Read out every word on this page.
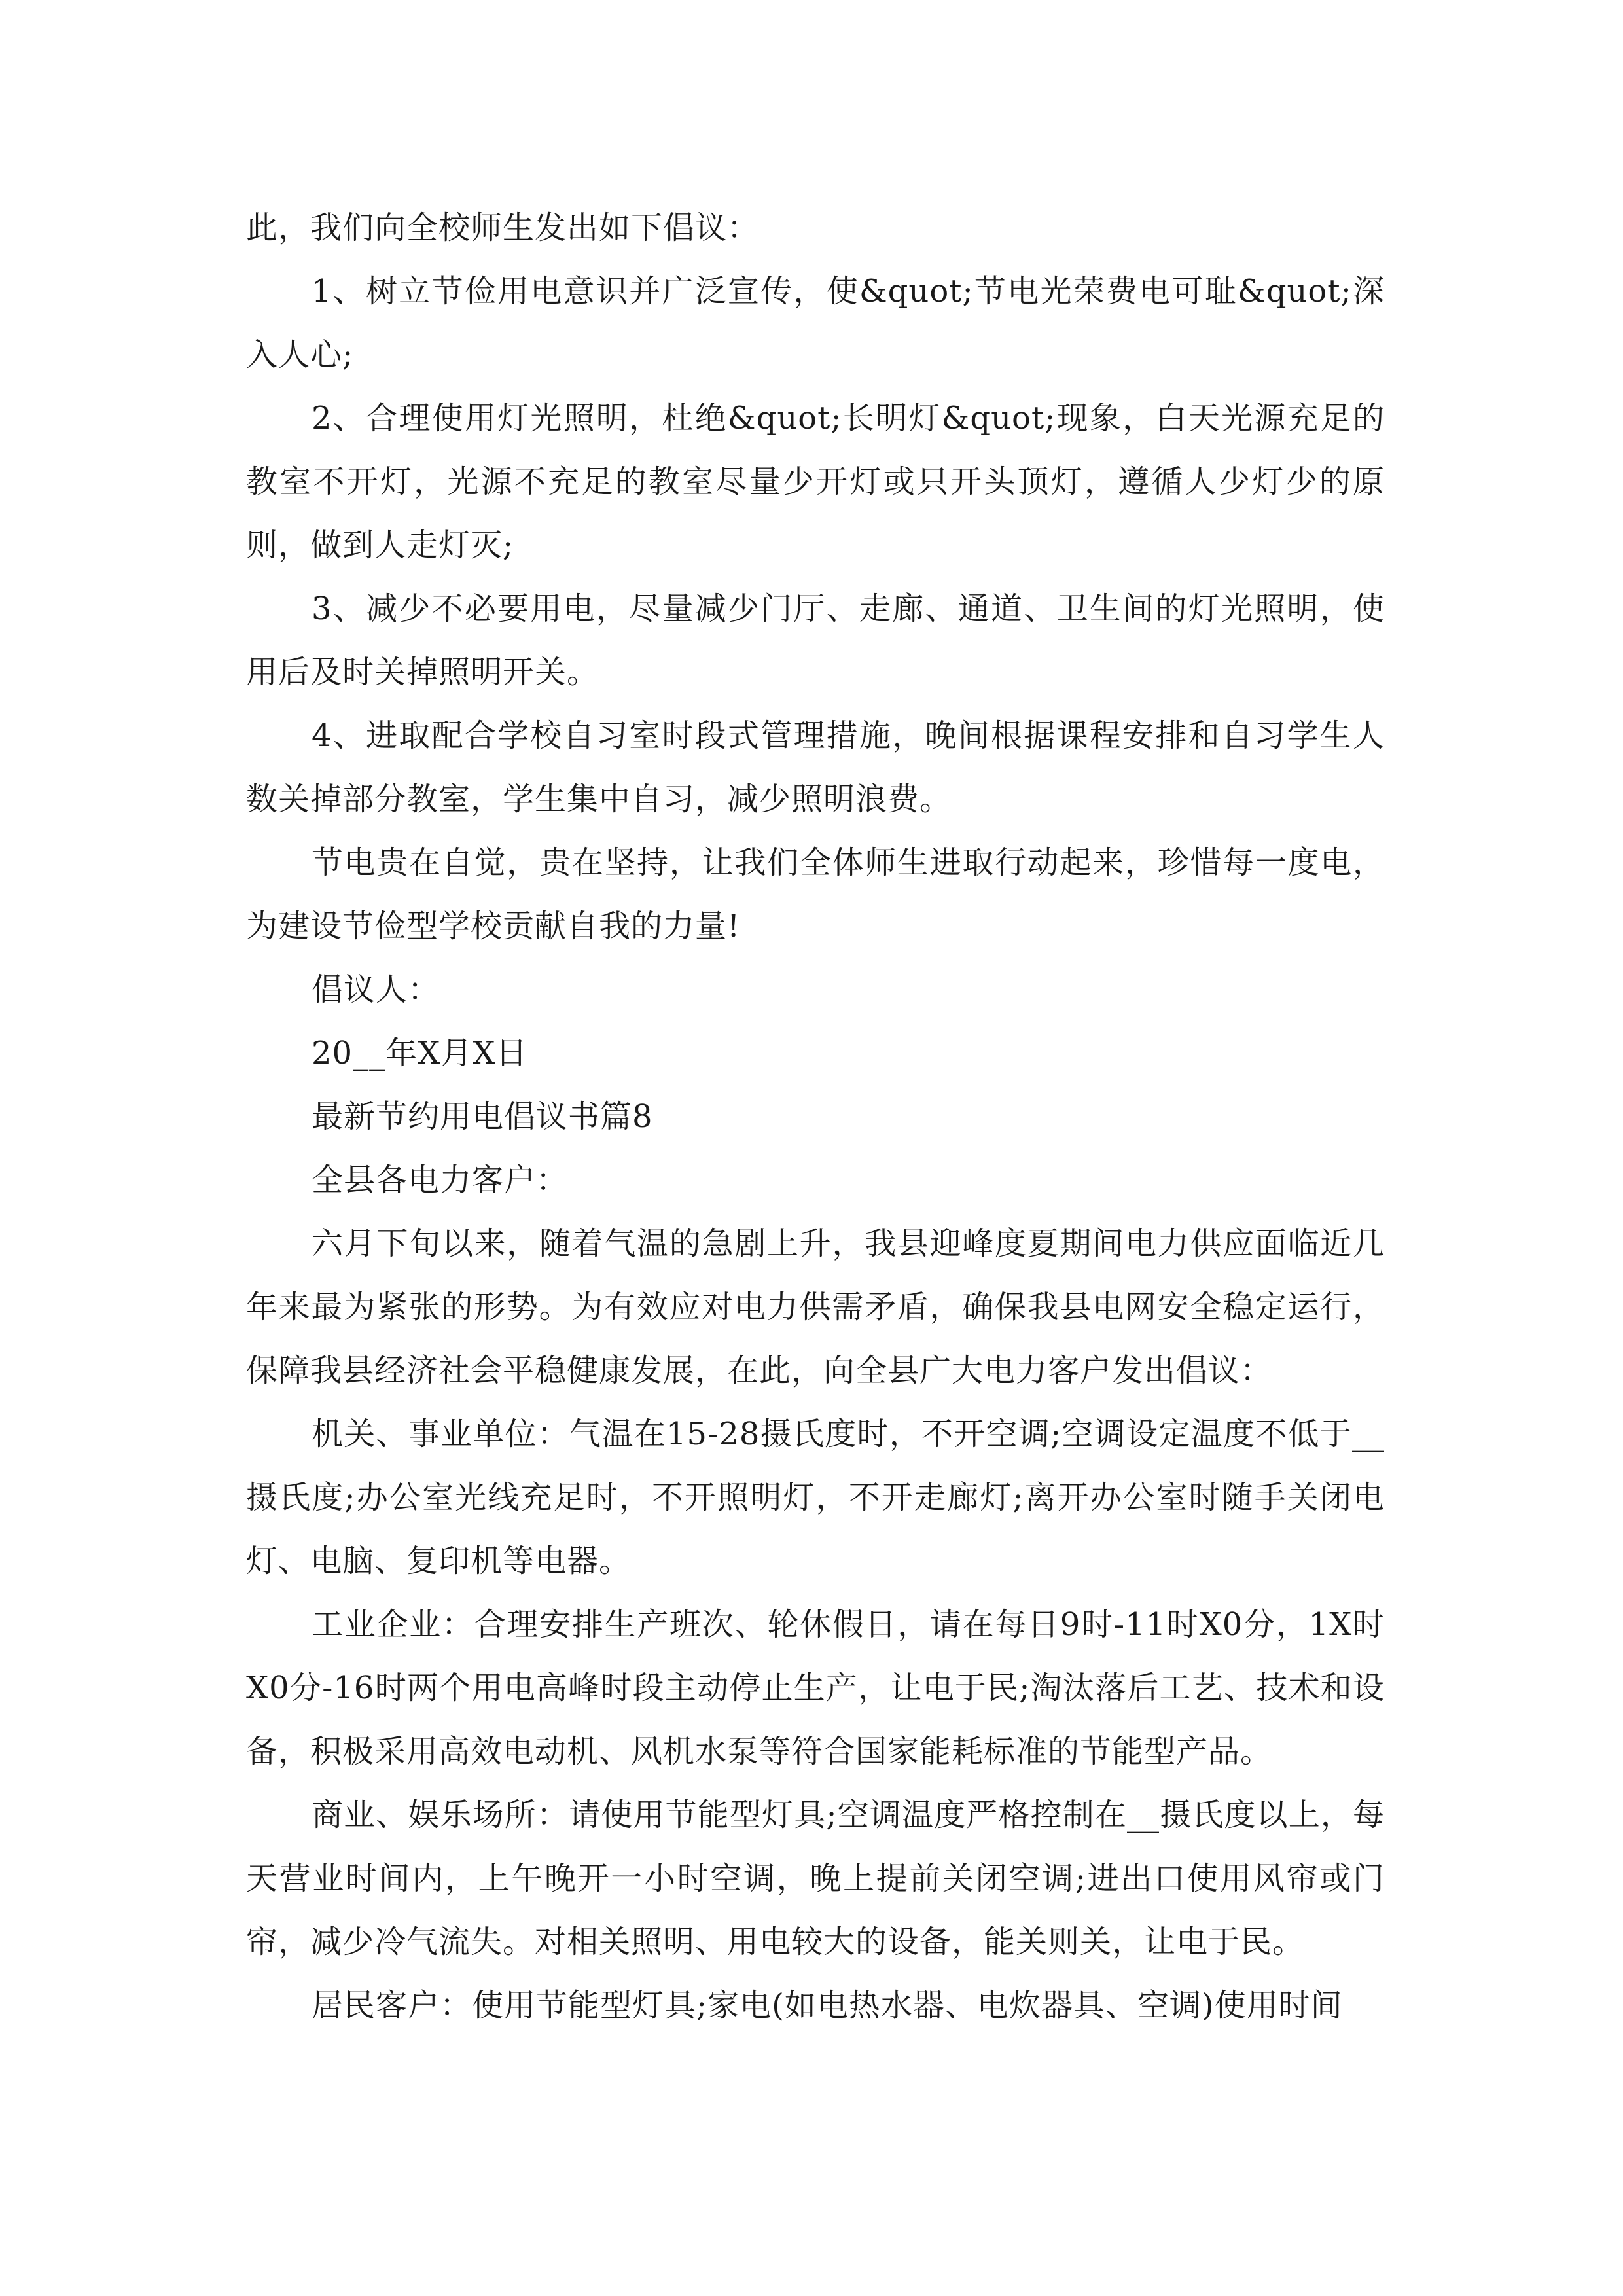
此，我们向全校师生发出如下倡议：

1、树立节俭用电意识并广泛宣传，使&quot;节电光荣费电可耻&quot;深入人心;

2、合理使用灯光照明，杜绝&quot;长明灯&quot;现象，白天光源充足的教室不开灯，光源不充足的教室尽量少开灯或只开头顶灯，遵循人少灯少的原则，做到人走灯灭;

3、减少不必要用电，尽量减少门厅、走廊、通道、卫生间的灯光照明，使用后及时关掉照明开关。

4、进取配合学校自习室时段式管理措施，晚间根据课程安排和自习学生人数关掉部分教室，学生集中自习，减少照明浪费。

节电贵在自觉，贵在坚持，让我们全体师生进取行动起来，珍惜每一度电，为建设节俭型学校贡献自我的力量!

倡议人：

20__年X月X日

最新节约用电倡议书篇8

全县各电力客户：

六月下旬以来，随着气温的急剧上升，我县迎峰度夏期间电力供应面临近几年来最为紧张的形势。为有效应对电力供需矛盾，确保我县电网安全稳定运行，保障我县经济社会平稳健康发展，在此，向全县广大电力客户发出倡议：

机关、事业单位：气温在15-28摄氏度时，不开空调;空调设定温度不低于__摄氏度;办公室光线充足时，不开照明灯，不开走廊灯;离开办公室时随手关闭电灯、电脑、复印机等电器。

工业企业：合理安排生产班次、轮休假日，请在每日9时-11时X0分，1X时X0分-16时两个用电高峰时段主动停止生产，让电于民;淘汰落后工艺、技术和设备，积极采用高效电动机、风机水泵等符合国家能耗标准的节能型产品。

商业、娱乐场所：请使用节能型灯具;空调温度严格控制在__摄氏度以上，每天营业时间内，上午晚开一小时空调，晚上提前关闭空调;进出口使用风帘或门帘，减少冷气流失。对相关照明、用电较大的设备，能关则关，让电于民。

居民客户：使用节能型灯具;家电(如电热水器、电炊器具、空调)使用时间
